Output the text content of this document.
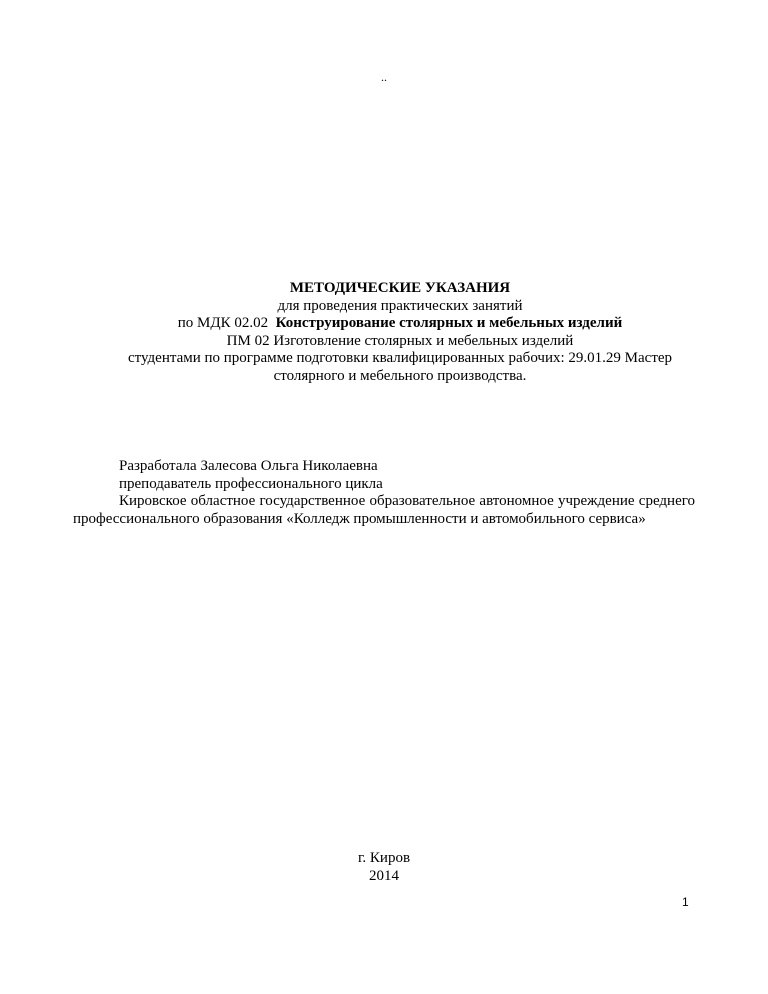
..
МЕТОДИЧЕСКИЕ УКАЗАНИЯ
для проведения практических занятий
по МДК 02.02 Конструирование столярных и мебельных изделий
ПМ 02 Изготовление столярных и мебельных изделий
студентами по программе подготовки квалифицированных рабочих: 29.01.29 Мастер
столярного и мебельного производства.
Разработала Залесова Ольга Николаевна
преподаватель профессионального цикла
Кировское областное государственное образовательное автономное учреждение среднего профессионального образования «Колледж промышленности и автомобильного сервиса»
г. Киров
2014
1
